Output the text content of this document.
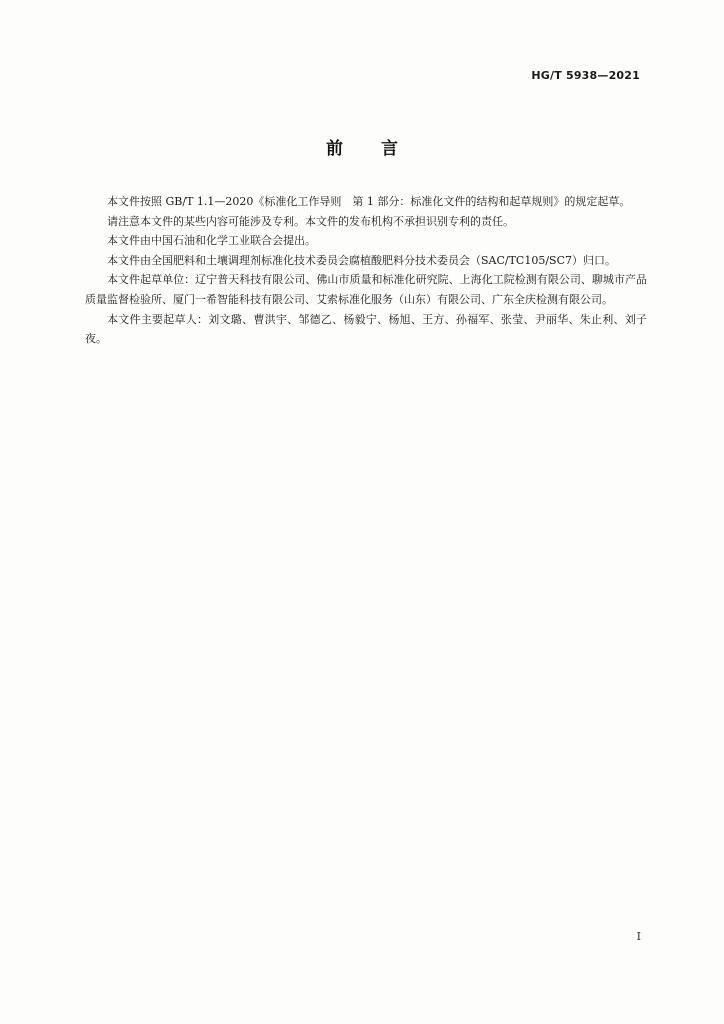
HG/T 5938—2021
前言

本文件按照 GB/T 1.1—2020《标准化工作导则　第 1 部分：标准化文件的结构和起草规则》的规定起草。

请注意本文件的某些内容可能涉及专利。本文件的发布机构不承担识别专利的责任。

本文件由中国石油和化学工业联合会提出。

本文件由全国肥料和土壤调理剂标准化技术委员会腐植酸肥料分技术委员会（SAC/TC105/SC7）归口。

本文件起草单位：辽宁普天科技有限公司、佛山市质量和标准化研究院、上海化工院检测有限公司、聊城市产品质量监督检验所、厦门一希智能科技有限公司、艾索标准化服务（山东）有限公司、广东全庆检测有限公司。

本文件主要起草人：刘文璐、曹洪宇、邹德乙、杨毅宁、杨旭、王方、孙福军、张莹、尹丽华、朱止利、刘子夜。

I
